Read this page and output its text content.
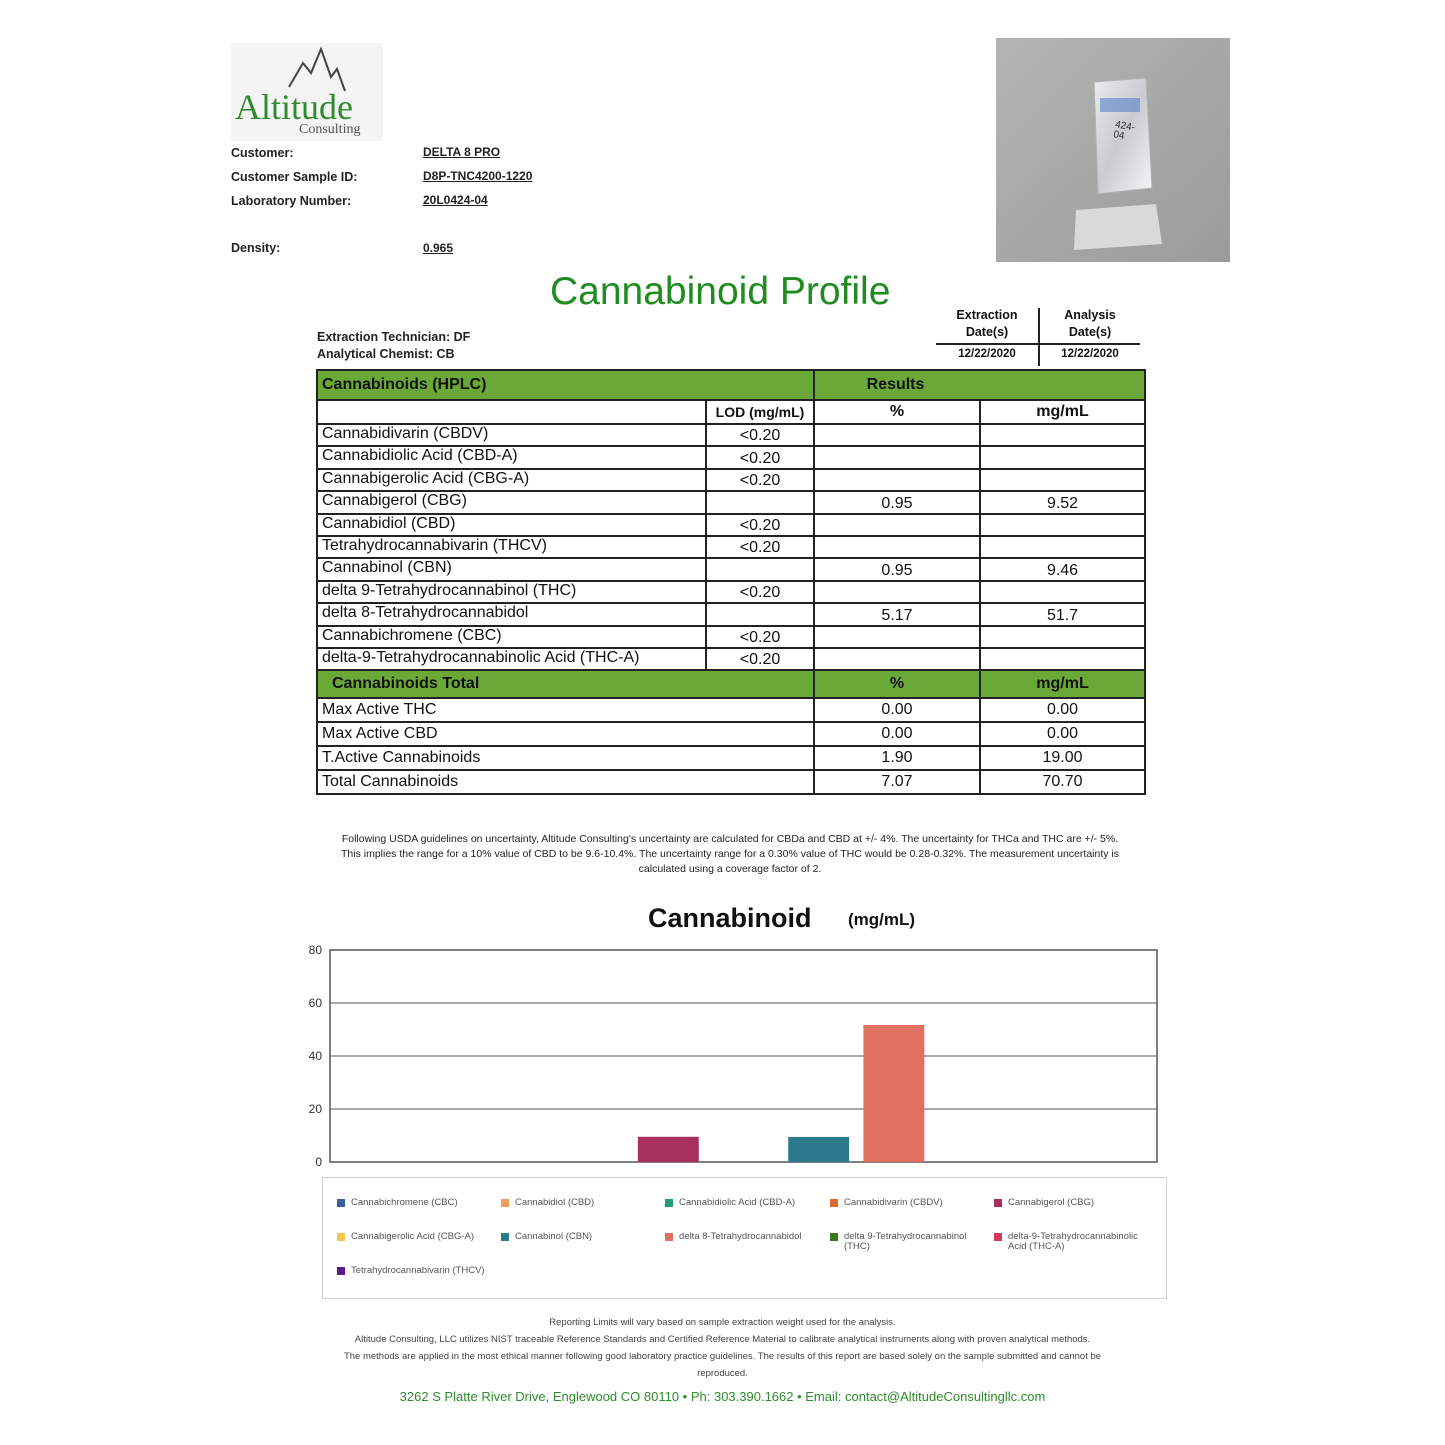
Altitude
Consulting
Customer:	DELTA 8 PRO
Customer Sample ID:	D8P-TNC4200-1220
Laboratory Number:	20L0424-04
Density:	0.965
424-04
Cannabinoid Profile
Extraction Technician: DF
Analytical Chemist: CB
Extraction
Date(s)
Analysis
Date(s)
12/22/2020	12/22/2020
Cannabinoids (HPLC)		Results	
	LOD (mg/mL)	%	mg/mL
Cannabidivarin (CBDV)	<0.20		
Cannabidiolic Acid (CBD-A)	<0.20		
Cannabigerolic Acid (CBG-A)	<0.20		
Cannabigerol (CBG)		0.95	9.52
Cannabidiol (CBD)	<0.20		
Tetrahydrocannabivarin (THCV)	<0.20		
Cannabinol (CBN)		0.95	9.46
delta 9-Tetrahydrocannabinol (THC)	<0.20		
delta 8-Tetrahydrocannabidol		5.17	51.7
Cannabichromene (CBC)	<0.20		
delta-9-Tetrahydrocannabinolic Acid (THC-A)	<0.20		
Cannabinoids Total		%	mg/mL
Max Active THC		0.00	0.00
Max Active CBD		0.00	0.00
T.Active Cannabinoids		1.90	19.00
Total Cannabinoids		7.07	70.70
Following USDA guidelines on uncertainty, Altitude Consulting's uncertainty are calculated for CBDa and CBD at +/- 4%. The uncertainty for THCa and THC are +/- 5%. This implies the range for a 10% value of CBD to be 9.6-10.4%. The uncertainty range for a 0.30% value of THC would be 0.28-0.32%. The measurement uncertainty is calculated using a coverage factor of 2.
Cannabinoid (mg/mL)
0
20
40
60
80
Cannabichromene (CBC)	Cannabidiol (CBD)	Cannabidiolic Acid (CBD-A)	Cannabidivarin (CBDV)	Cannabigerol (CBG)
Cannabigerolic Acid (CBG-A)	Cannabinol (CBN)	delta 8-Tetrahydrocannabidol	delta 9-Tetrahydrocannabinol (THC)
delta-9-Tetrahydrocannabinolic Acid (THC-A)
Tetrahydrocannabivarin (THCV)
Reporting Limits will vary based on sample extraction weight used for the analysis.
Altitude Consulting, LLC utilizes NIST traceable Reference Standards and Certified Reference Material to calibrate analytical instruments along with proven analytical methods.
The methods are applied in the most ethical manner following good laboratory practice guidelines. The results of this report are based solely on the sample submitted and cannot be
reproduced.
3262 S Platte River Drive, Englewood CO 80110 • Ph: 303.390.1662 • Email: contact@AltitudeConsultingllc.com
